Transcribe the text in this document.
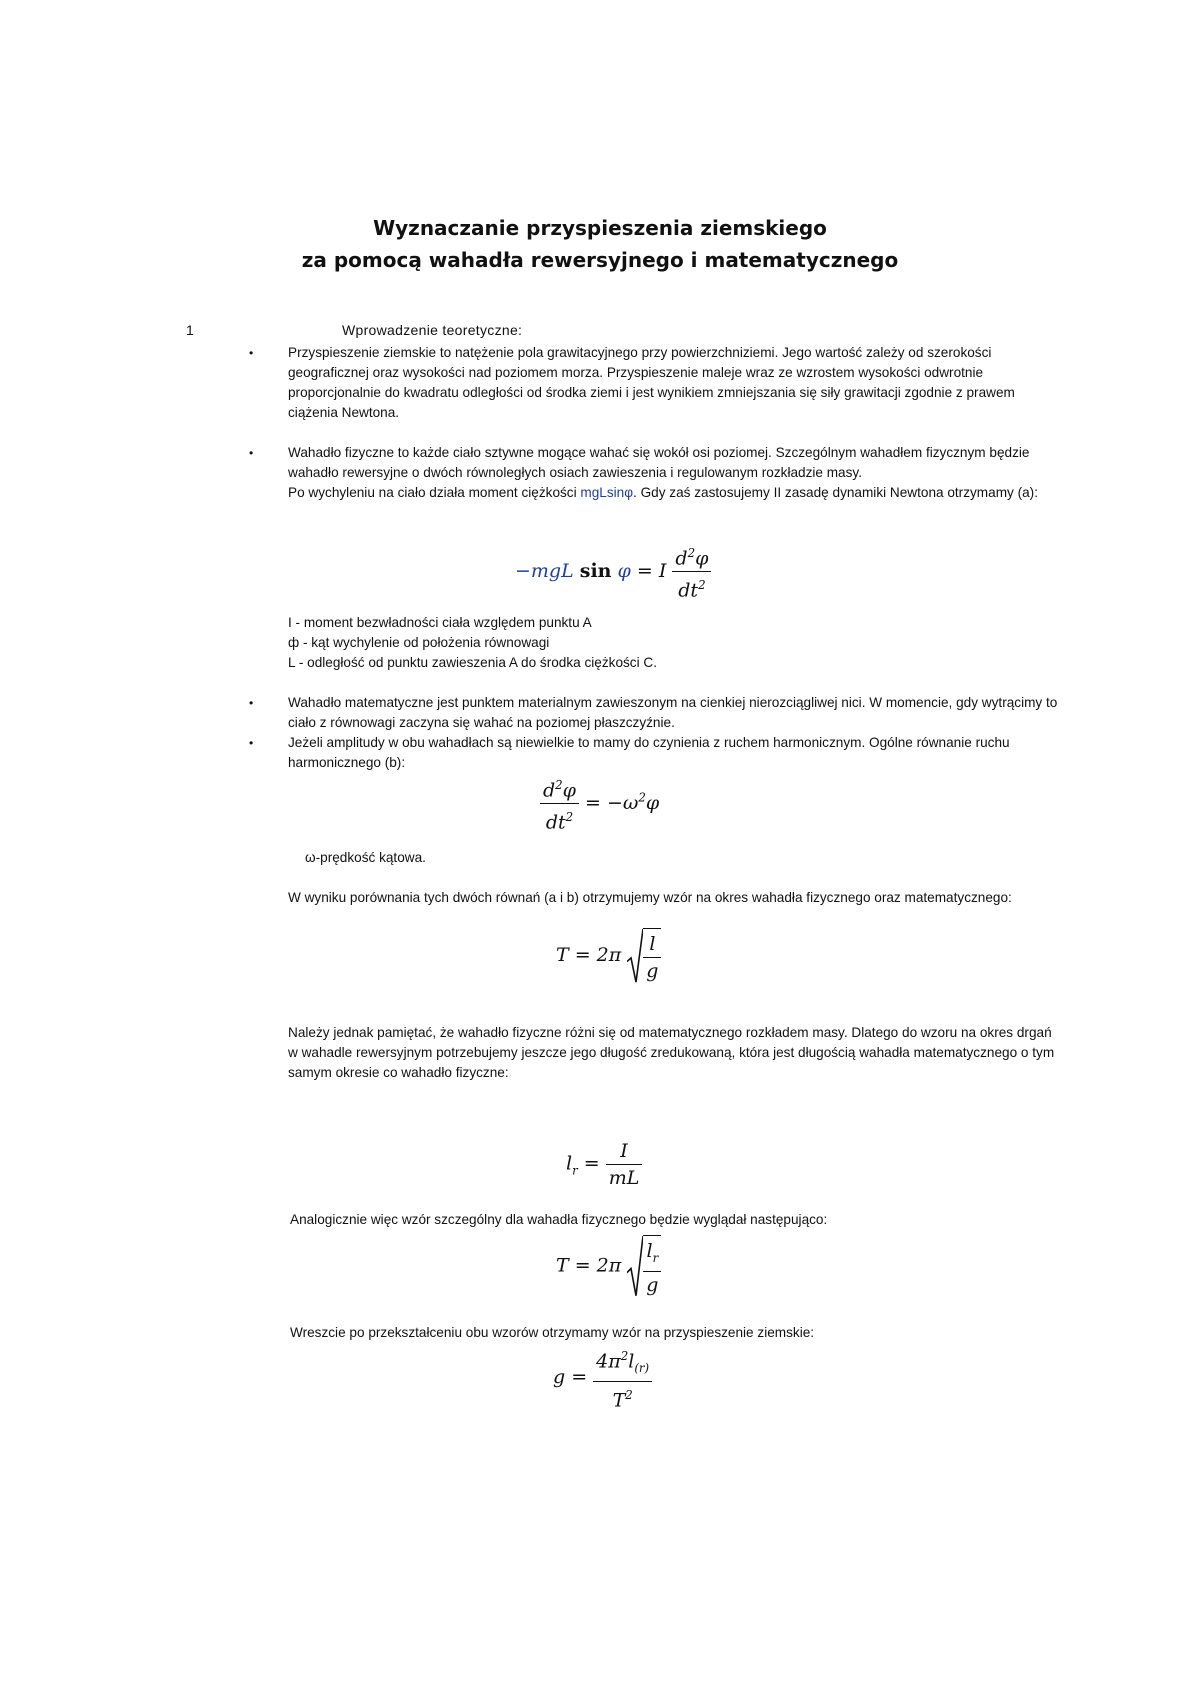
Wyznaczanie przyspieszenia ziemskiego
za pomocą wahadła rewersyjnego i matematycznego
1	Wprowadzenie teoretyczne:
•	Przyspieszenie ziemskie to natężenie pola grawitacyjnego przy powierzchniziemi. Jego wartość zależy od szerokości geograficznej oraz wysokości nad poziomem morza. Przyspieszenie maleje wraz ze wzrostem wysokości odwrotnie proporcjonalnie do kwadratu odległości od środka ziemi i jest wynikiem zmniejszania się siły grawitacji zgodnie z prawem ciążenia Newtona.
•	Wahadło fizyczne to każde ciało sztywne mogące wahać się wokół osi poziomej. Szczególnym wahadłem fizycznym będzie wahadło rewersyjne o dwóch równoległych osiach zawieszenia i regulowanym rozkładzie masy.
Po wychyleniu na ciało działa moment ciężkości mgLsinφ. Gdy zaś zastosujemy II zasadę dynamiki Newtona otrzymamy (a):
−mgL sin φ = I $\frac{d^2\varphi}{dt^2}$
I - moment bezwładności ciała względem punktu A
ф - kąt wychylenie od położenia równowagi
L - odległość od punktu zawieszenia A do środka ciężkości C.
•	Wahadło matematyczne jest punktem materialnym zawieszonym na cienkiej nierozciągliwej nici. W momencie, gdy wytrącimy to ciało z równowagi zaczyna się wahać na poziomej płaszczyźnie.
•	Jeżeli amplitudy w obu wahadłach są niewielkie to mamy do czynienia z ruchem harmonicznym. Ogólne równanie ruchu harmonicznego (b):
$\frac{d^2\varphi}{dt^2} = -\omega^2\varphi$
ω-prędkość kątowa.
W wyniku porównania tych dwóch równań (a i b) otrzymujemy wzór na okres wahadła fizycznego oraz matematycznego:
$T = 2\pi \frac{l}{g}$
Należy jednak pamiętać, że wahadło fizyczne różni się od matematycznego rozkładem masy. Dlatego do wzoru na okres drgań w wahadle rewersyjnym potrzebujemy jeszcze jego długość zredukowaną, która jest długością wahadła matematycznego o tym samym okresie co wahadło fizyczne:
$l_r = \frac{I}{mL}$
Analogicznie więc wzór szczególny dla wahadła fizycznego będzie wyglądał następująco:
$T = 2\pi \frac{l_r}{g}$
Wreszcie po przekształceniu obu wzorów otrzymamy wzór na przyspieszenie ziemskie:
$g = \frac{4\pi^2l_{(r)}}{T^2}$
